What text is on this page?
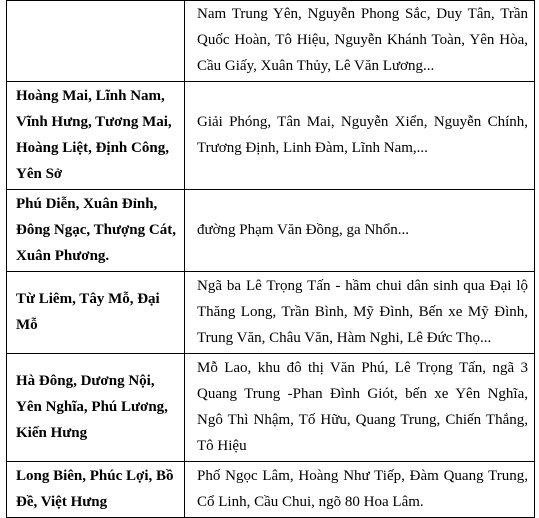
	Nam Trung Yên, Nguyễn Phong Sắc, Duy Tân, Trần Quốc Hoàn, Tô Hiệu, Nguyễn Khánh Toàn, Yên Hòa, Cầu Giấy, Xuân Thủy, Lê Văn Lương...
Hoàng Mai, Lĩnh Nam, Vĩnh Hưng, Tương Mai, Hoàng Liệt, Định Công, Yên Sở	Giải Phóng, Tân Mai, Nguyễn Xiển, Nguyễn Chính, Trương Định, Linh Đàm, Lĩnh Nam,...
Phú Diễn, Xuân Đỉnh, Đông Ngạc, Thượng Cát, Xuân Phương.	đường Phạm Văn Đồng, ga Nhổn...
Từ Liêm, Tây Mỗ, Đại Mỗ	Ngã ba Lê Trọng Tấn - hầm chui dân sinh qua Đại lộ Thăng Long, Trần Bình, Mỹ Đình, Bến xe Mỹ Đình, Trung Văn, Châu Văn, Hàm Nghi, Lê Đức Thọ...
Hà Đông, Dương Nội, Yên Nghĩa, Phú Lương, Kiến Hưng	Mỗ Lao, khu đô thị Văn Phú, Lê Trọng Tấn, ngã 3 Quang Trung -Phan Đình Giót, bến xe Yên Nghĩa, Ngô Thì Nhậm, Tố Hữu, Quang Trung, Chiến Thắng, Tô Hiệu
Long Biên, Phúc Lợi, Bồ Đề, Việt Hưng	Phố Ngọc Lâm, Hoàng Như Tiếp, Đàm Quang Trung, Cổ Linh, Cầu Chui, ngõ 80 Hoa Lâm.
